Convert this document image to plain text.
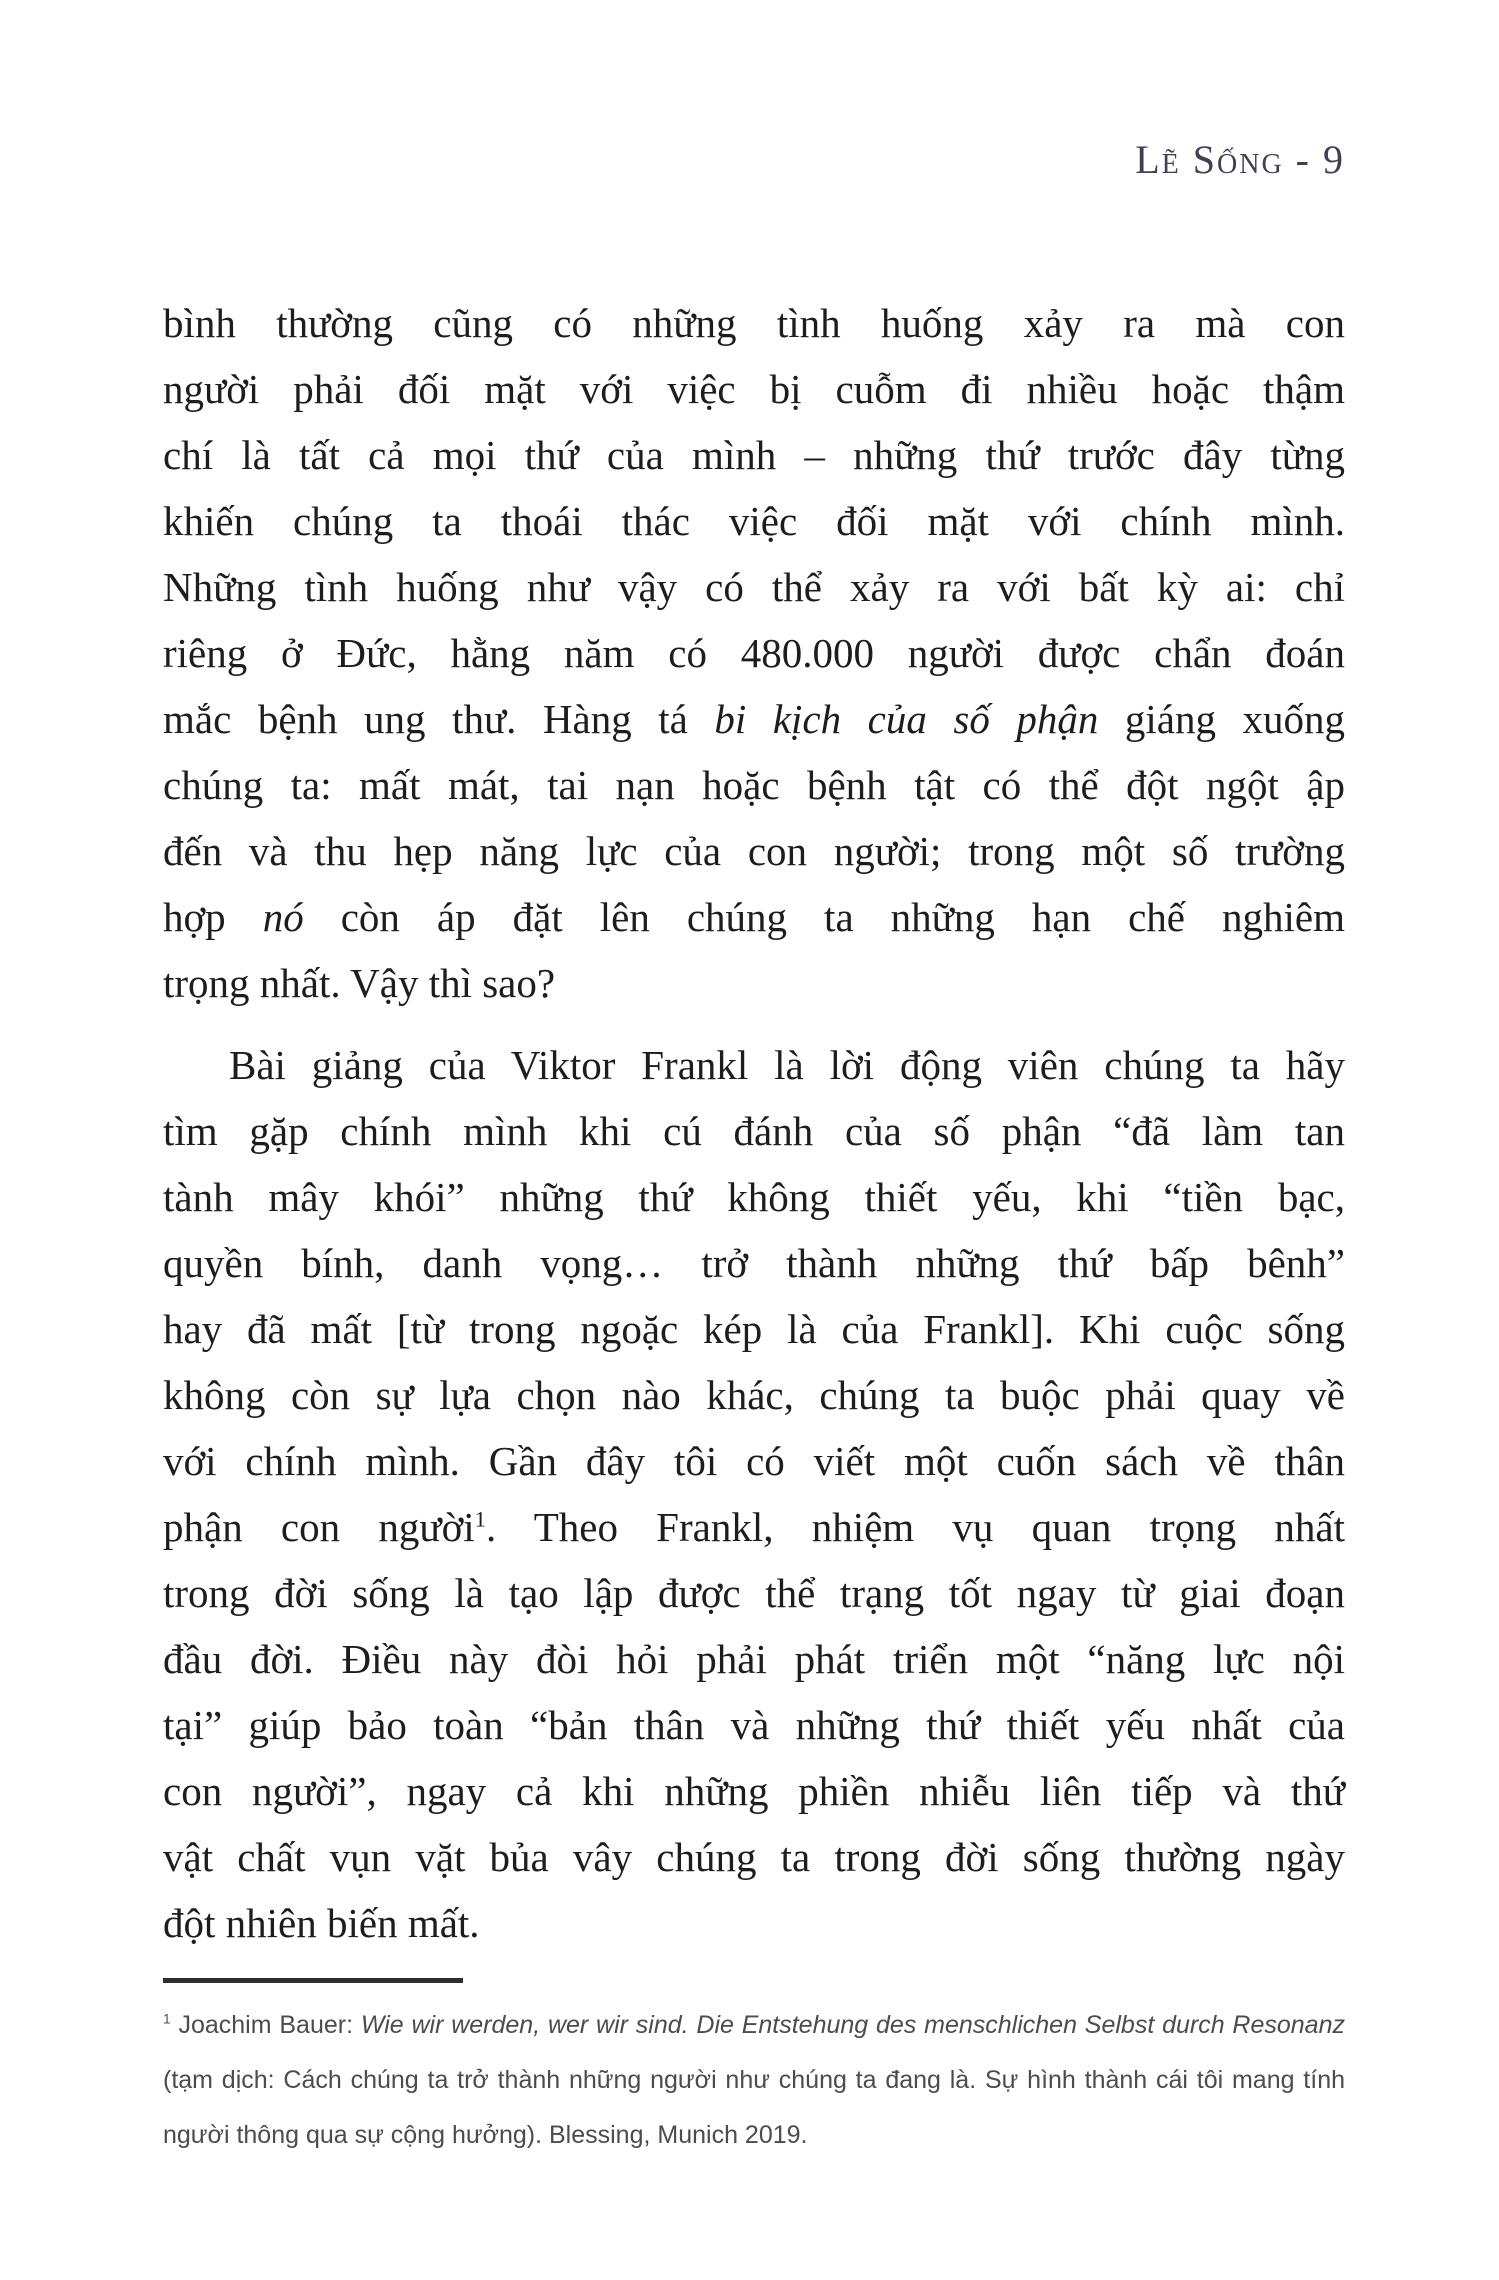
Lẽ Sống - 9
bình thường cũng có những tình huống xảy ra mà con
người phải đối mặt với việc bị cuỗm đi nhiều hoặc thậm
chí là tất cả mọi thứ của mình – những thứ trước đây từng
khiến chúng ta thoái thác việc đối mặt với chính mình.
Những tình huống như vậy có thể xảy ra với bất kỳ ai: chỉ
riêng ở Đức, hằng năm có 480.000 người được chẩn đoán
mắc bệnh ung thư. Hàng tá bi kịch của số phận giáng xuống
chúng ta: mất mát, tai nạn hoặc bệnh tật có thể đột ngột ập
đến và thu hẹp năng lực của con người; trong một số trường
hợp nó còn áp đặt lên chúng ta những hạn chế nghiêm
trọng nhất. Vậy thì sao?
Bài giảng của Viktor Frankl là lời động viên chúng ta hãy
tìm gặp chính mình khi cú đánh của số phận “đã làm tan
tành mây khói” những thứ không thiết yếu, khi “tiền bạc,
quyền bính, danh vọng… trở thành những thứ bấp bênh”
hay đã mất [từ trong ngoặc kép là của Frankl]. Khi cuộc sống
không còn sự lựa chọn nào khác, chúng ta buộc phải quay về
với chính mình. Gần đây tôi có viết một cuốn sách về thân
phận con người$^1$. Theo Frankl, nhiệm vụ quan trọng nhất
trong đời sống là tạo lập được thể trạng tốt ngay từ giai đoạn
đầu đời. Điều này đòi hỏi phải phát triển một “năng lực nội
tại” giúp bảo toàn “bản thân và những thứ thiết yếu nhất của
con người”, ngay cả khi những phiền nhiễu liên tiếp và thứ
vật chất vụn vặt bủa vây chúng ta trong đời sống thường ngày
đột nhiên biến mất.
$^1$ Joachim Bauer: Wie wir werden, wer wir sind. Die Entstehung des menschlichen Selbst durch Resonanz
(tạm dịch: Cách chúng ta trở thành những người như chúng ta đang là. Sự hình thành cái tôi mang tính
người thông qua sự cộng hưởng). Blessing, Munich 2019.
